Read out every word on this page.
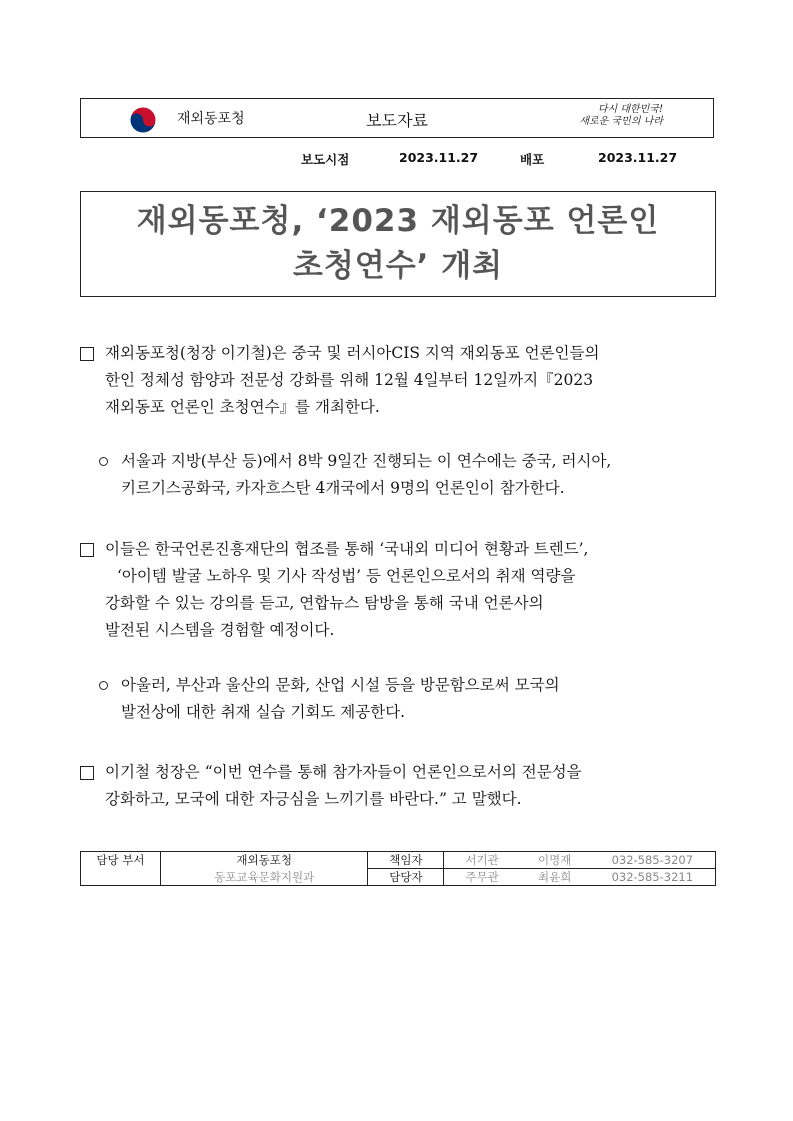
재외동포청	보도자료
다시 대한민국!
새로운 국민의 나라
보도시점	2023.11.27	배포	2023.11.27
재외동포청, ‘2023 재외동포 언론인
초청연수’ 개최
재외동포청(청장 이기철)은 중국 및 러시아CIS 지역 재외동포 언론인들의
한인 정체성 함양과 전문성 강화를 위해 12월 4일부터 12일까지『2023
재외동포 언론인 초청연수』를 개최한다.
서울과 지방(부산 등)에서 8박 9일간 진행되는 이 연수에는 중국, 러시아,
키르기스공화국, 카자흐스탄 4개국에서 9명의 언론인이 참가한다.
이들은 한국언론진흥재단의 협조를 통해 ‘국내외 미디어 현황과 트렌드’,
‘아이템 발굴 노하우 및 기사 작성법’ 등 언론인으로서의 취재 역량을
강화할 수 있는 강의를 듣고, 연합뉴스 탐방을 통해 국내 언론사의
발전된 시스템을 경험할 예정이다.
아울러, 부산과 울산의 문화, 산업 시설 등을 방문함으로써 모국의
발전상에 대한 취재 실습 기회도 제공한다.
이기철 청장은 “이번 연수를 통해 참가자들이 언론인으로서의 전문성을
강화하고, 모국에 대한 자긍심을 느끼기를 바란다.” 고 말했다.
담당 부서	재외동포청	책임자	서기관	이명재	032-585-3207
	동포교육문화지원과	담당자	주무관	최윤희	032-585-3211
